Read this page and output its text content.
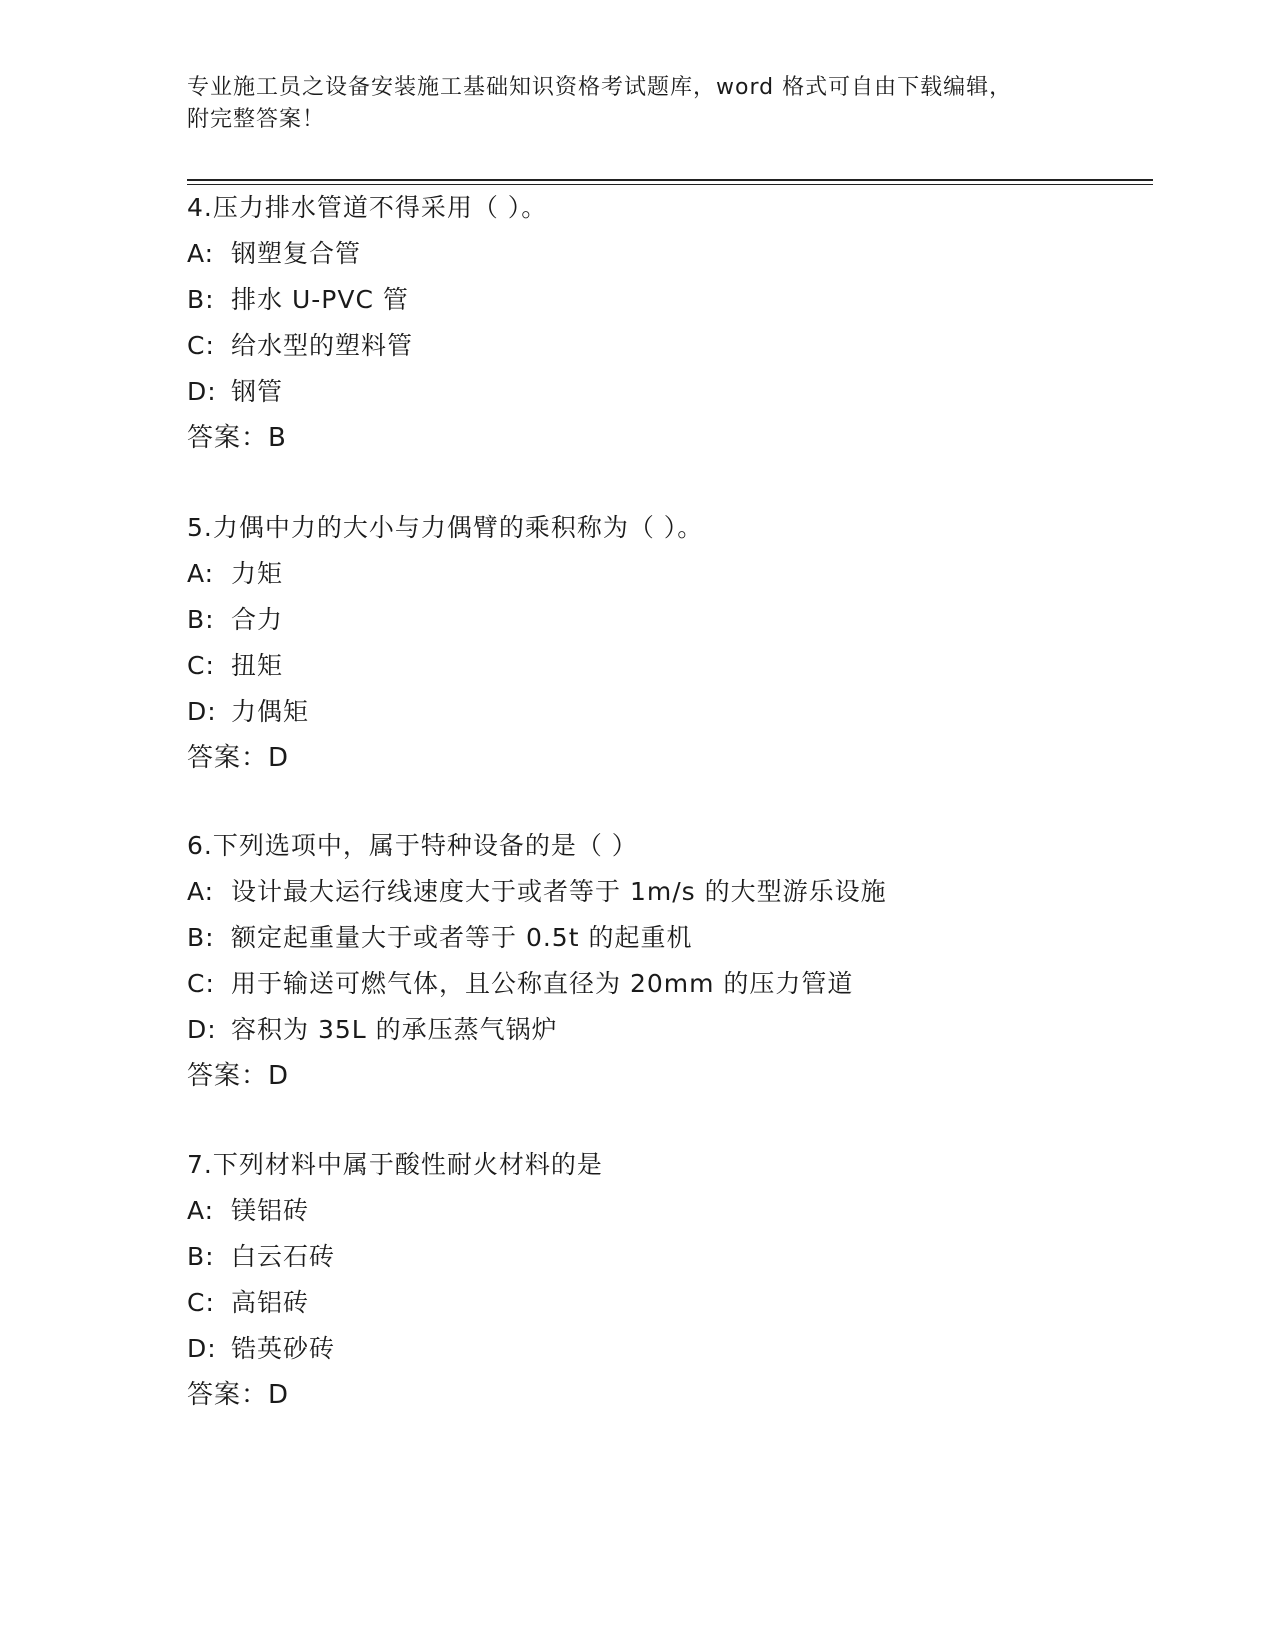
专业施工员之设备安装施工基础知识资格考试题库，word 格式可自由下载编辑，
附完整答案！
4.压力排水管道不得采用（ ）。
A: 钢塑复合管
B: 排水 U-PVC 管
C: 给水型的塑料管
D: 钢管
答案：B
5.力偶中力的大小与力偶臂的乘积称为（ ）。
A: 力矩
B: 合力
C: 扭矩
D: 力偶矩
答案：D
6.下列选项中，属于特种设备的是（ ）
A: 设计最大运行线速度大于或者等于 1m/s 的大型游乐设施
B: 额定起重量大于或者等于 0.5t 的起重机
C: 用于输送可燃气体，且公称直径为 20mm 的压力管道
D: 容积为 35L 的承压蒸气锅炉
答案：D
7.下列材料中属于酸性耐火材料的是
A: 镁铝砖
B: 白云石砖
C: 高铝砖
D: 锆英砂砖
答案：D
